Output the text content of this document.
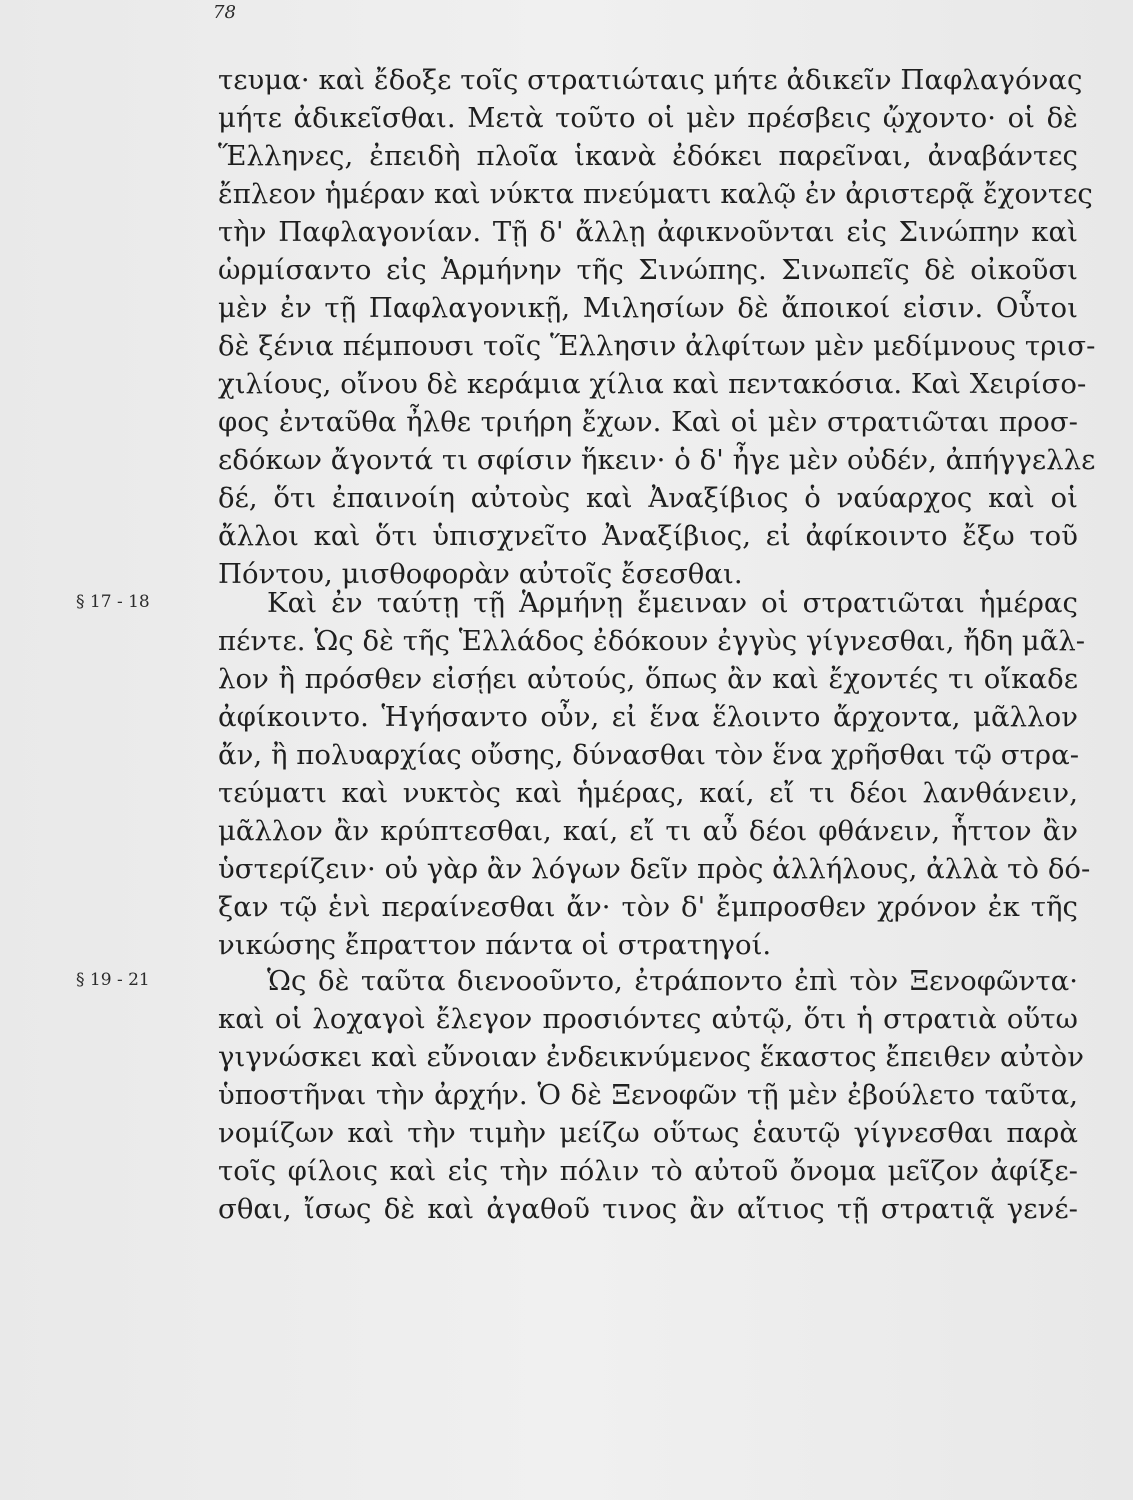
78
τευμα· καὶ ἔδοξε τοῖς στρατιώταις μήτε ἀδικεῖν Παφλαγόνας
μήτε ἀδικεῖσθαι. Μετὰ τοῦτο οἱ μὲν πρέσβεις ᾤχοντο· οἱ δὲ
Ἕλληνες, ἐπειδὴ πλοῖα ἱκανὰ ἐδόκει παρεῖναι, ἀναβάντες
ἔπλεον ἡμέραν καὶ νύκτα πνεύματι καλῷ ἐν ἀριστερᾷ ἔχοντες
τὴν Παφλαγονίαν. Τῇ δ' ἄλλῃ ἀφικνοῦνται εἰς Σινώπην καὶ
ὡρμίσαντο εἰς Ἁρμήνην τῆς Σινώπης. Σινωπεῖς δὲ οἰκοῦσι
μὲν ἐν τῇ Παφλαγονικῇ, Μιλησίων δὲ ἄποικοί εἰσιν. Οὗτοι
δὲ ξένια πέμπουσι τοῖς Ἕλλησιν ἀλφίτων μὲν μεδίμνους τρισ-
χιλίους, οἴνου δὲ κεράμια χίλια καὶ πεντακόσια. Καὶ Χειρίσο-
φος ἐνταῦθα ἦλθε τριήρη ἔχων. Καὶ οἱ μὲν στρατιῶται προσ-
εδόκων ἄγοντά τι σφίσιν ἥκειν· ὁ δ' ἦγε μὲν οὐδέν, ἀπήγγελλε
δέ, ὅτι ἐπαινοίη αὐτοὺς καὶ Ἀναξίβιος ὁ ναύαρχος καὶ οἱ
ἄλλοι καὶ ὅτι ὑπισχνεῖτο Ἀναξίβιος, εἰ ἀφίκοιντο ἔξω τοῦ
Πόντου, μισθοφορὰν αὐτοῖς ἔσεσθαι.
§ 17 - 18	Καὶ ἐν ταύτῃ τῇ Ἁρμήνῃ ἔμειναν οἱ στρατιῶται ἡμέρας
πέντε. Ὡς δὲ τῆς Ἑλλάδος ἐδόκουν ἐγγὺς γίγνεσθαι, ἤδη μᾶλ-
λον ἢ πρόσθεν εἰσῄει αὐτούς, ὅπως ἂν καὶ ἔχοντές τι οἴκαδε
ἀφίκοιντο. Ἡγήσαντο οὖν, εἰ ἕνα ἕλοιντο ἄρχοντα, μᾶλλον
ἄν, ἢ πολυαρχίας οὔσης, δύνασθαι τὸν ἕνα χρῆσθαι τῷ στρα-
τεύματι καὶ νυκτὸς καὶ ἡμέρας, καί, εἴ τι δέοι λανθάνειν,
μᾶλλον ἂν κρύπτεσθαι, καί, εἴ τι αὖ δέοι φθάνειν, ἧττον ἂν
ὑστερίζειν· οὐ γὰρ ἂν λόγων δεῖν πρὸς ἀλλήλους, ἀλλὰ τὸ δό-
ξαν τῷ ἑνὶ περαίνεσθαι ἄν· τὸν δ' ἔμπροσθεν χρόνον ἐκ τῆς
νικώσης ἔπραττον πάντα οἱ στρατηγοί.
§ 19 - 21	Ὡς δὲ ταῦτα διενοοῦντο, ἐτράποντο ἐπὶ τὸν Ξενοφῶντα·
καὶ οἱ λοχαγοὶ ἔλεγον προσιόντες αὐτῷ, ὅτι ἡ στρατιὰ οὕτω
γιγνώσκει καὶ εὔνοιαν ἐνδεικνύμενος ἕκαστος ἔπειθεν αὐτὸν
ὑποστῆναι τὴν ἀρχήν. Ὁ δὲ Ξενοφῶν τῇ μὲν ἐβούλετο ταῦτα,
νομίζων καὶ τὴν τιμὴν μείζω οὕτως ἑαυτῷ γίγνεσθαι παρὰ
τοῖς φίλοις καὶ εἰς τὴν πόλιν τὸ αὐτοῦ ὄνομα μεῖζον ἀφίξε-
σθαι, ἴσως δὲ καὶ ἀγαθοῦ τινος ἂν αἴτιος τῇ στρατιᾷ γενέ-
